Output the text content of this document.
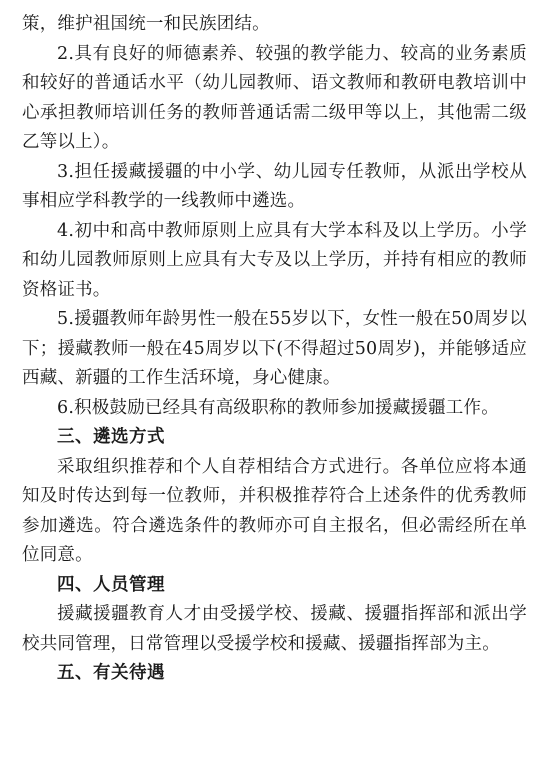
策，维护祖国统一和民族团结。

2.具有良好的师德素养、较强的教学能力、较高的业务素质和较好的普通话水平（幼儿园教师、语文教师和教研电教培训中心承担教师培训任务的教师普通话需二级甲等以上，其他需二级乙等以上）。

3.担任援藏援疆的中小学、幼儿园专任教师，从派出学校从事相应学科教学的一线教师中遴选。

4.初中和高中教师原则上应具有大学本科及以上学历。小学和幼儿园教师原则上应具有大专及以上学历，并持有相应的教师资格证书。

5.援疆教师年龄男性一般在55岁以下，女性一般在50周岁以下；援藏教师一般在45周岁以下(不得超过50周岁)，并能够适应西藏、新疆的工作生活环境，身心健康。

6.积极鼓励已经具有高级职称的教师参加援藏援疆工作。

三、遴选方式

采取组织推荐和个人自荐相结合方式进行。各单位应将本通知及时传达到每一位教师，并积极推荐符合上述条件的优秀教师参加遴选。符合遴选条件的教师亦可自主报名，但必需经所在单位同意。

四、人员管理

援藏援疆教育人才由受援学校、援藏、援疆指挥部和派出学校共同管理，日常管理以受援学校和援藏、援疆指挥部为主。

五、有关待遇
